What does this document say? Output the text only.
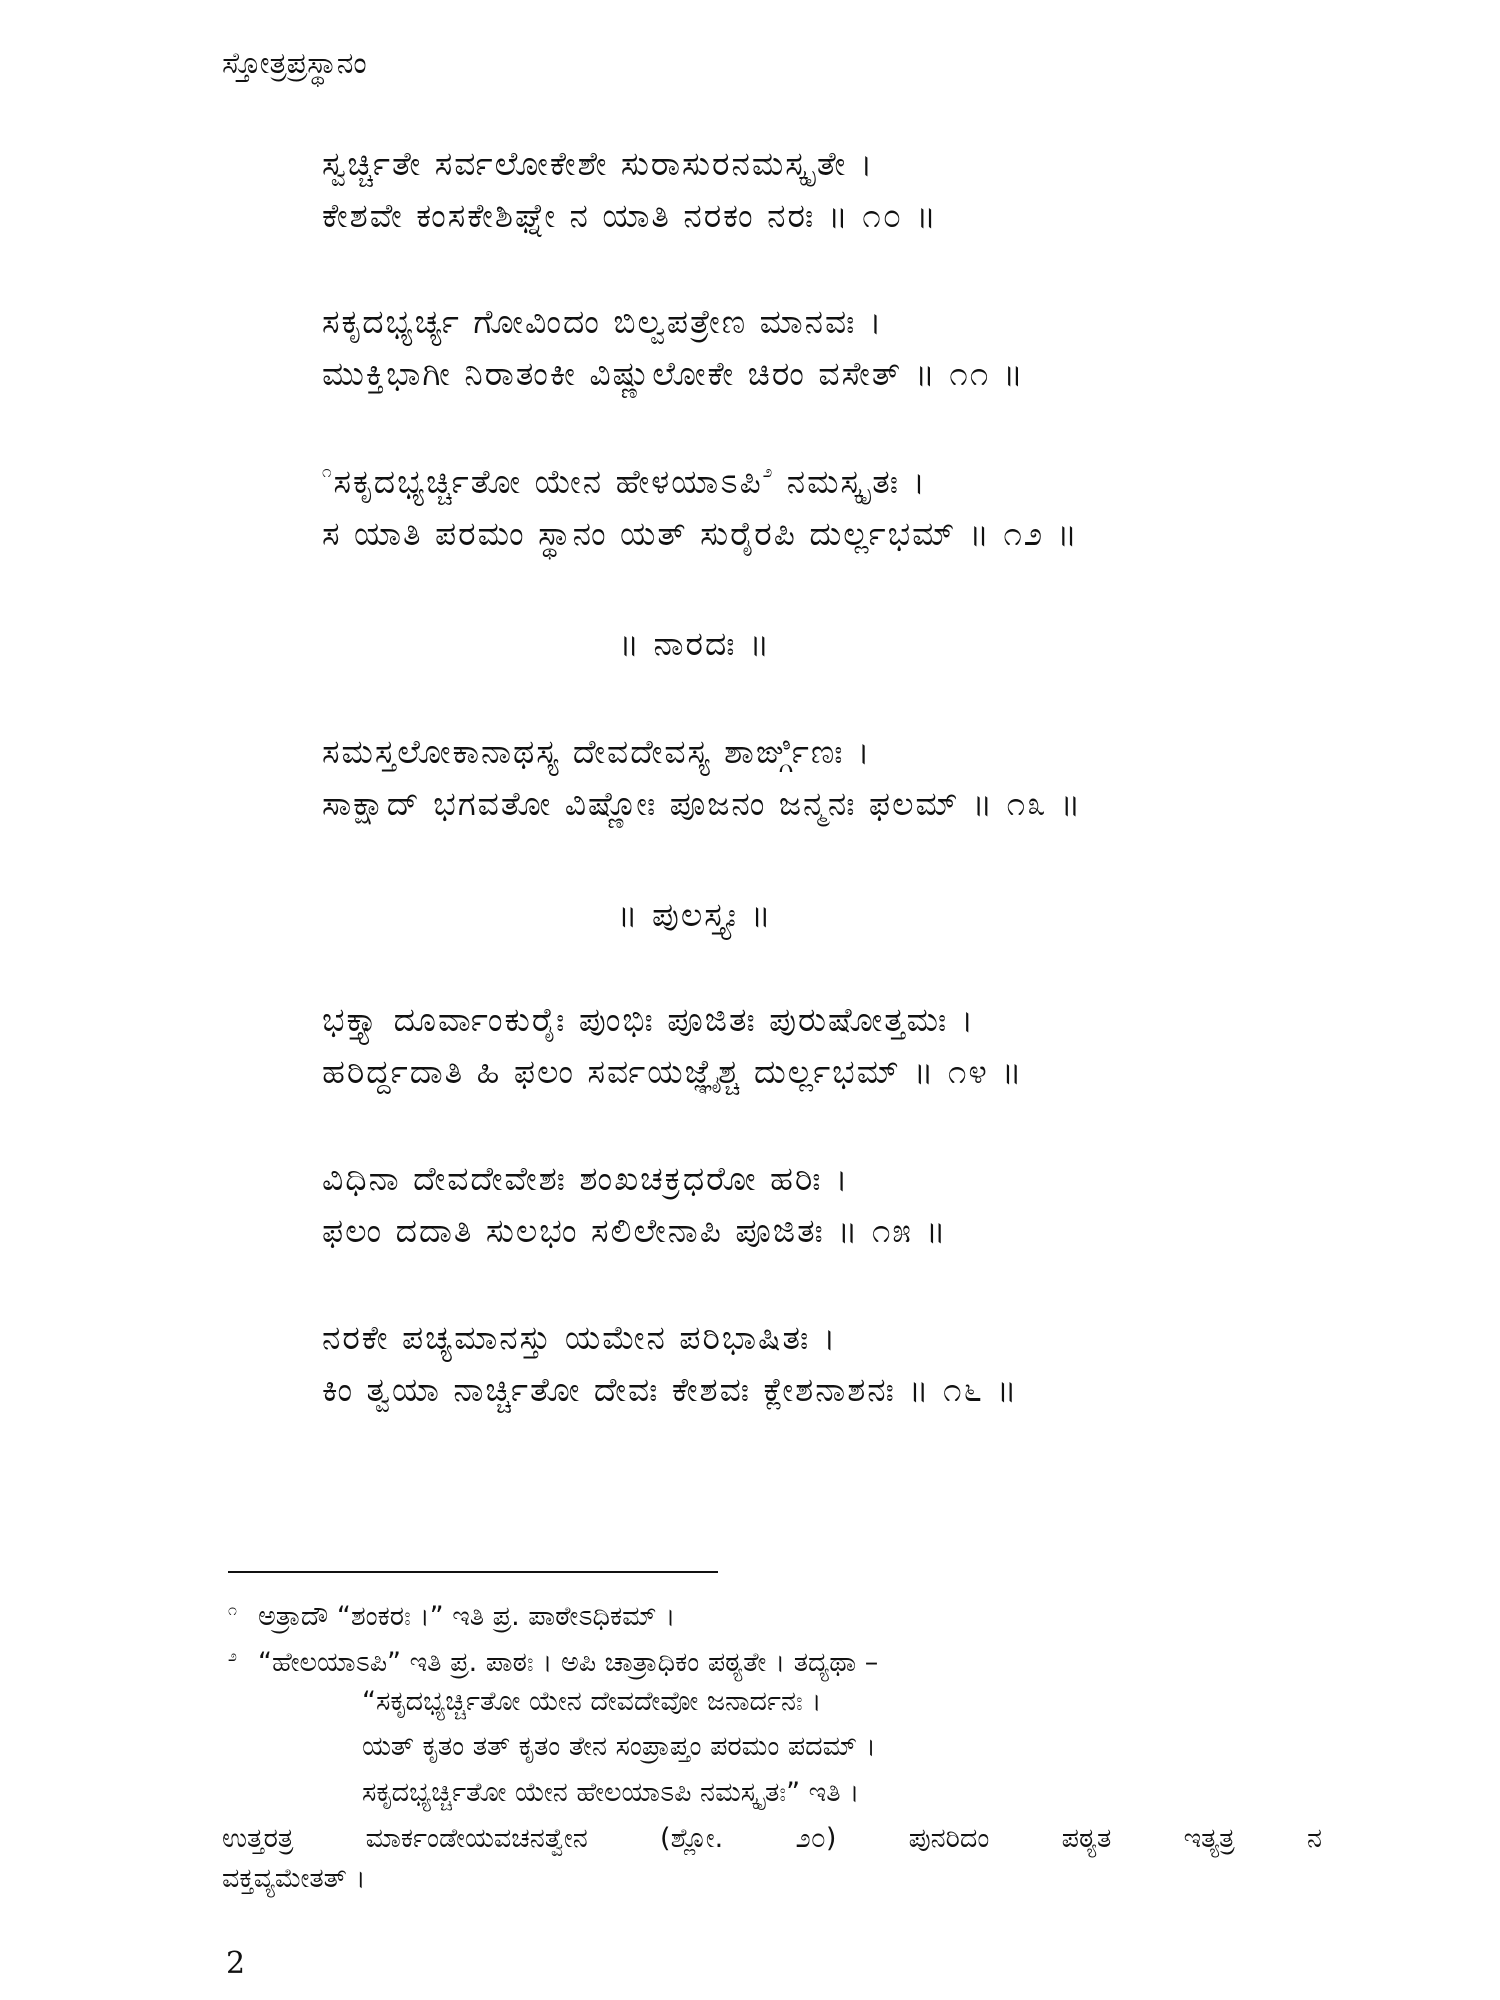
ಸ್ತೋತ್ರಪ್ರಸ್ಥಾನಂ
ಸ್ವರ್ಚ್ಚಿತೇ ಸರ್ವಲೋಕೇಶೇ ಸುರಾಸುರನಮಸ್ಕೃತೇ ।
ಕೇಶವೇ ಕಂಸಕೇಶಿಘ್ನೇ ನ ಯಾತಿ ನರಕಂ ನರಃ ॥ ೧೦ ॥
ಸಕೃದಭ್ಯರ್ಚ್ಯ ಗೋವಿಂದಂ ಬಿಲ್ವಪತ್ರೇಣ ಮಾನವಃ ।
ಮುಕ್ತಿಭಾಗೀ ನಿರಾತಂಕೀ ವಿಷ್ಣುಲೋಕೇ ಚಿರಂ ವಸೇತ್ ॥ ೧೧ ॥
$^೧$ಸಕೃದಭ್ಯರ್ಚ್ಚಿತೋ ಯೇನ ಹೇಳಯಾಽಪಿ$^೨$ ನಮಸ್ಕೃತಃ ।
ಸ ಯಾತಿ ಪರಮಂ ಸ್ಥಾನಂ ಯತ್ ಸುರೈರಪಿ ದುರ್ಲ್ಲಭಮ್ ॥ ೧೨ ॥
॥ ನಾರದಃ ॥
ಸಮಸ್ತಲೋಕಾನಾಥಸ್ಯ ದೇವದೇವಸ್ಯ ಶಾರ್ಙ್ಗಿಣಃ ।
ಸಾಕ್ಷಾದ್ ಭಗವತೋ ವಿಷ್ಣೋಃ ಪೂಜನಂ ಜನ್ಮನಃ ಫಲಮ್ ॥ ೧೩ ॥
॥ ಪುಲಸ್ತ್ಯಃ ॥
ಭಕ್ತ್ಯಾ ದೂರ್ವಾಂಕುರೈಃ ಪುಂಭಿಃ ಪೂಜಿತಃ ಪುರುಷೋತ್ತಮಃ ।
ಹರಿರ್ದ್ದದಾತಿ ಹಿ ಫಲಂ ಸರ್ವಯಜ್ಞೈಶ್ಚ ದುರ್ಲ್ಲಭಮ್ ॥ ೧೪ ॥
ವಿಧಿನಾ ದೇವದೇವೇಶಃ ಶಂಖಚಕ್ರಧರೋ ಹರಿಃ ।
ಫಲಂ ದದಾತಿ ಸುಲಭಂ ಸಲಿಲೇನಾಪಿ ಪೂಜಿತಃ ॥ ೧೫ ॥
ನರಕೇ ಪಚ್ಯಮಾನಸ್ತು ಯಮೇನ ಪರಿಭಾಷಿತಃ ।
ಕಿಂ ತ್ವಯಾ ನಾರ್ಚ್ಚಿತೋ ದೇವಃ ಕೇಶವಃ ಕ್ಲೇಶನಾಶನಃ ॥ ೧೬ ॥
೧ ಅತ್ರಾದೌ “ಶಂಕರಃ ।” ಇತಿ ಪ್ರ. ಪಾಠೇಽಧಿಕಮ್ ।
೨ “ಹೇಲಯಾಽಪಿ” ಇತಿ ಪ್ರ. ಪಾಠಃ । ಅಪಿ ಚಾತ್ರಾಧಿಕಂ ಪಠ್ಯತೇ । ತದ್ಯಥಾ –
“ಸಕೃದಭ್ಯರ್ಚ್ಚಿತೋ ಯೇನ ದೇವದೇವೋ ಜನಾರ್ದನಃ ।
ಯತ್ ಕೃತಂ ತತ್ ಕೃತಂ ತೇನ ಸಂಪ್ರಾಪ್ತಂ ಪರಮಂ ಪದಮ್ ।
ಸಕೃದಭ್ಯರ್ಚ್ಚಿತೋ ಯೇನ ಹೇಲಯಾಽಪಿ ನಮಸ್ಕೃತಃ” ಇತಿ ।
ಉತ್ತರತ್ರ	ಮಾರ್ಕಂಡೇಯವಚನತ್ವೇನ	(ಶ್ಲೋ.	೨೦)	ಪುನರಿದಂ	ಪಠ್ಯತ	ಇತ್ಯತ್ರ	ನ
ವಕ್ತವ್ಯಮೇತತ್ ।
2
